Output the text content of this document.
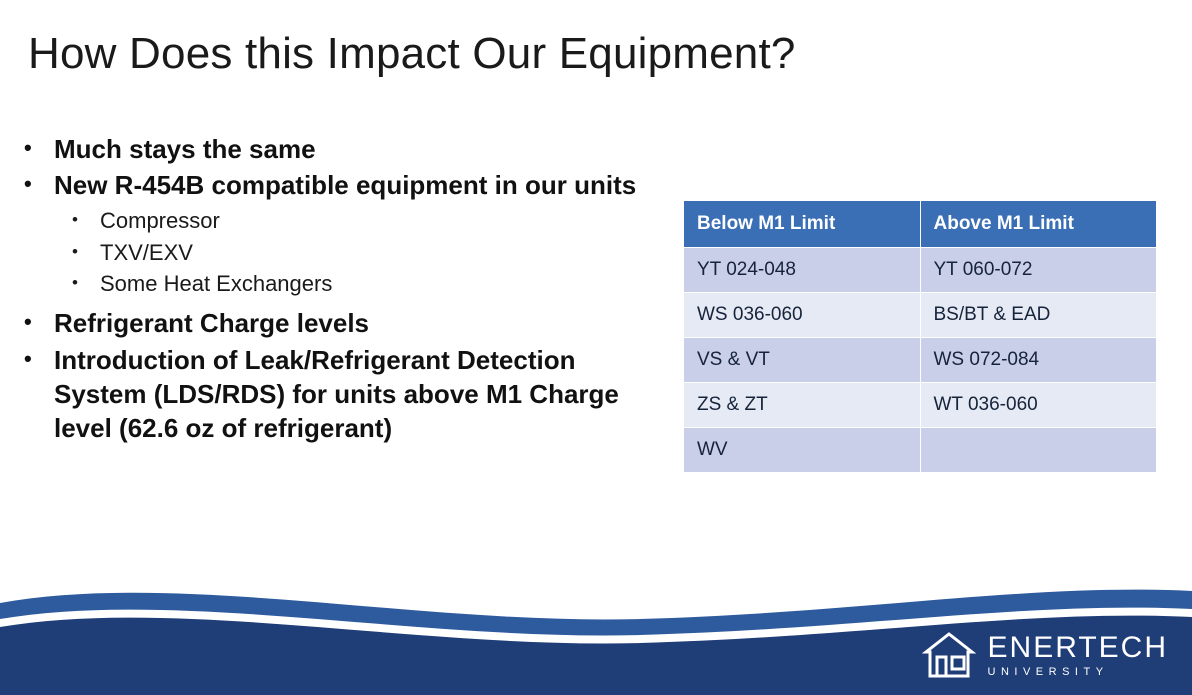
How Does this Impact Our Equipment?
• Much stays the same
• New R-454B compatible equipment in our units
•	Compressor
•	TXV/EXV
•	Some Heat Exchangers
• Refrigerant Charge levels
• Introduction of Leak/Refrigerant Detection System (LDS/RDS) for units above M1 Charge level (62.6 oz of refrigerant)
Below M1 Limit	Above M1 Limit
YT 024-048	YT 060-072
WS 036-060	BS/BT & EAD
VS & VT	WS 072-084
ZS & ZT	WT 036-060
WV	
ENERTECH
UNIVERSITY
